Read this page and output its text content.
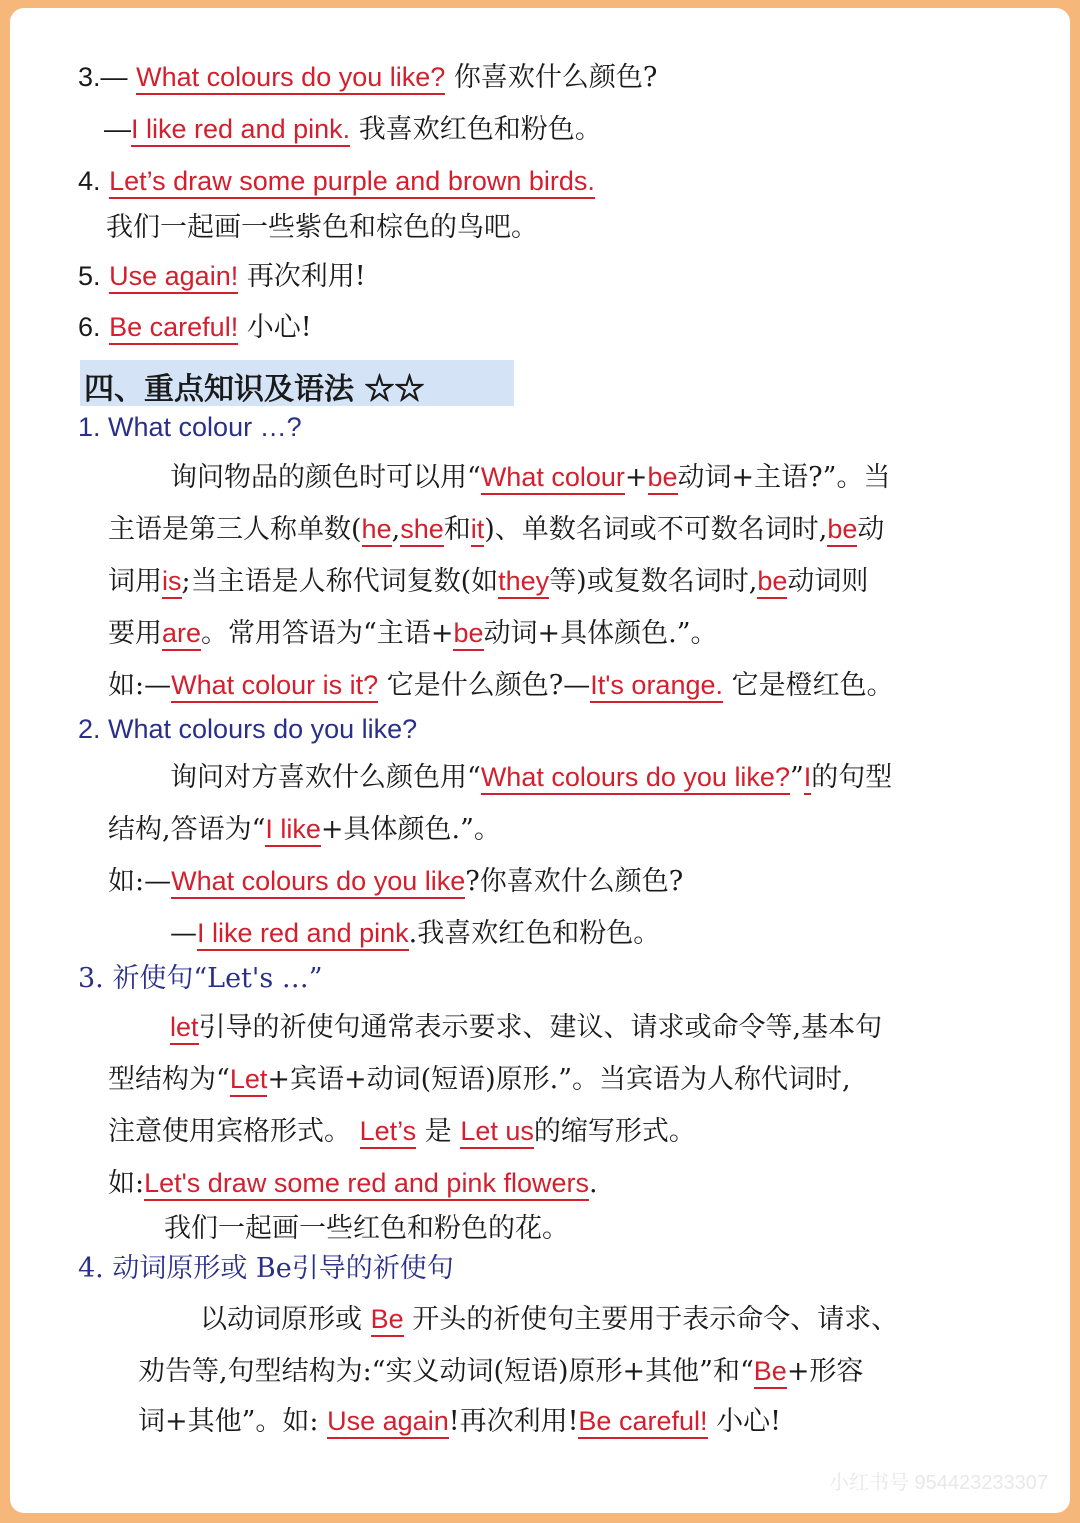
3.— What colours do you like? 你喜欢什么颜色?
—I like red and pink. 我喜欢红色和粉色。
4. Let’s draw some purple and brown birds.
我们一起画一些紫色和棕色的鸟吧。
5. Use again! 再次利用!
6. Be careful! 小心!
四、重点知识及语法 ☆☆
1. What colour …?
询问物品的颜色时可以用“What colour+be动词+主语?”。当
主语是第三人称单数(he,she和it)、单数名词或不可数名词时,be动
词用is;当主语是人称代词复数(如they等)或复数名词时,be动词则
要用are。常用答语为“主语+be动词+具体颜色.”。
如:—What colour is it? 它是什么颜色?—It's orange. 它是橙红色。
2. What colours do you like?
询问对方喜欢什么颜色用“What colours do you like?”I的句型
结构,答语为“I like+具体颜色.”。
如:—What colours do you like?你喜欢什么颜色?
—I like red and pink.我喜欢红色和粉色。
3. 祈使句“Let's …”
let引导的祈使句通常表示要求、建议、请求或命令等,基本句
型结构为“Let+宾语+动词(短语)原形.”。当宾语为人称代词时,
注意使用宾格形式。 Let’s 是 Let us的缩写形式。
如:Let's draw some red and pink flowers.
我们一起画一些红色和粉色的花。
4. 动词原形或 Be引导的祈使句
以动词原形或 Be 开头的祈使句主要用于表示命令、请求、
劝告等,句型结构为:“实义动词(短语)原形+其他”和“Be+形容
词+其他”。如: Use again!再次利用!Be careful! 小心!
小红书号 954423233307
